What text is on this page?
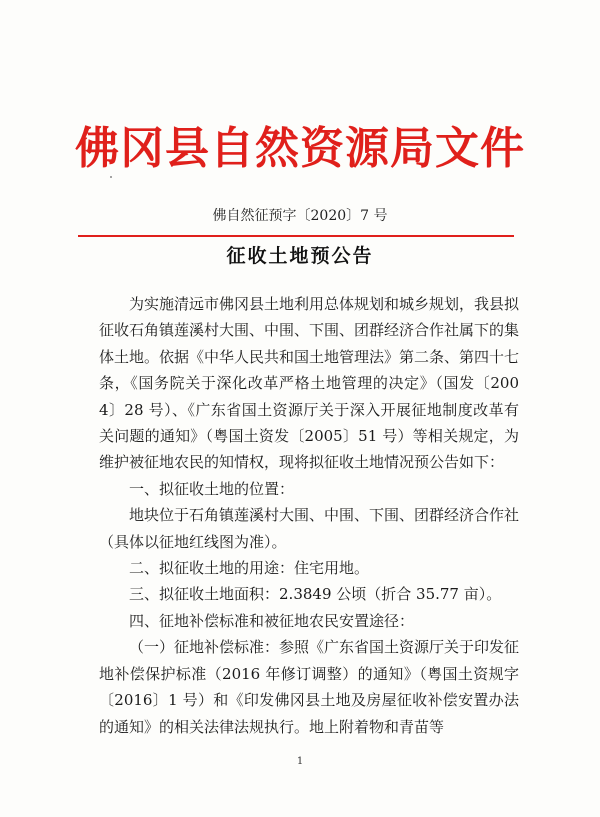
佛冈县自然资源局文件
佛自然征预字〔2020〕7 号
征收土地预公告

为实施清远市佛冈县土地利用总体规划和城乡规划，我县拟征收石角镇莲溪村大围、中围、下围、团群经济合作社属下的集体土地。依据《中华人民共和国土地管理法》第二条、第四十七条，《国务院关于深化改革严格土地管理的决定》（国发〔2004〕28 号）、《广东省国土资源厅关于深入开展征地制度改革有关问题的通知》（粤国土资发〔2005〕51 号）等相关规定，为维护被征地农民的知情权，现将拟征收土地情况预公告如下：

一、拟征收土地的位置：

地块位于石角镇莲溪村大围、中围、下围、团群经济合作社（具体以征地红线图为准）。

二、拟征收土地的用途：住宅用地。

三、拟征收土地面积：2.3849 公顷（折合 35.77 亩）。

四、征地补偿标准和被征地农民安置途径：

（一）征地补偿标准：参照《广东省国土资源厅关于印发征地补偿保护标准（2016 年修订调整）的通知》（粤国土资规字〔2016〕1 号）和《印发佛冈县土地及房屋征收补偿安置办法的通知》的相关法律法规执行。地上附着物和青苗等

1
